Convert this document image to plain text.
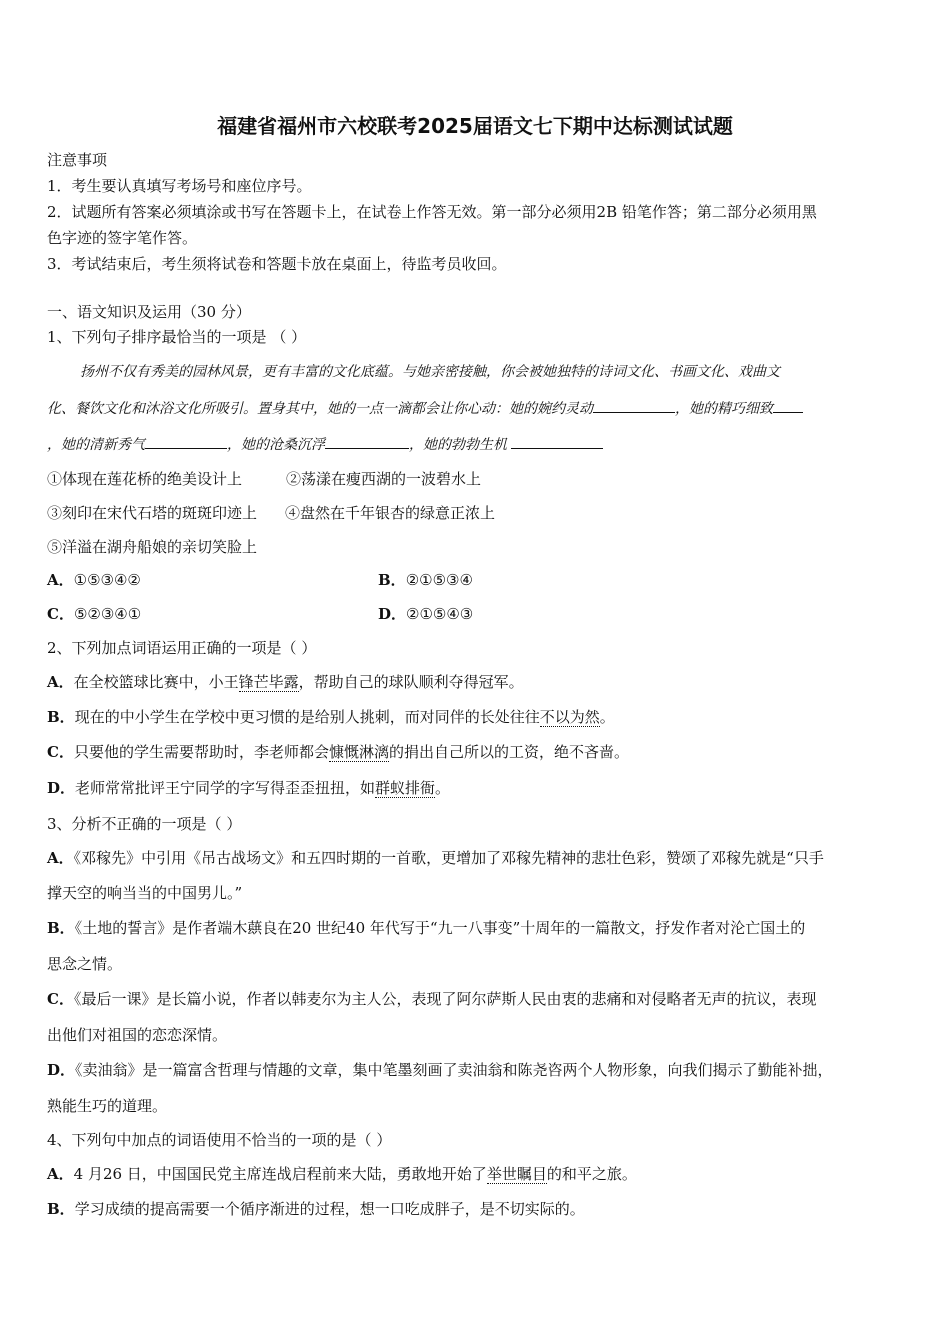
福建省福州市六校联考2025届语文七下期中达标测试试题
注意事项
1．考生要认真填写考场号和座位序号。
2．试题所有答案必须填涂或书写在答题卡上，在试卷上作答无效。第一部分必须用2B 铅笔作答；第二部分必须用黑
色字迹的签字笔作答。
3．考试结束后，考生须将试卷和答题卡放在桌面上，待监考员收回。
一、语文知识及运用（30 分）
1、下列句子排序最恰当的一项是 （ ）
扬州不仅有秀美的园林风景，更有丰富的文化底蕴。与她亲密接触，你会被她独特的诗词文化、书画文化、戏曲文
化、餐饮文化和沐浴文化所吸引。置身其中，她的一点一滴都会让你心动：她的婉约灵动	，她的精巧细致
，她的清新秀气	，她的沧桑沉浮	，她的勃勃生机
①体现在莲花桥的绝美设计上	②荡漾在瘦西湖的一波碧水上
③刻印在宋代石塔的斑斑印迹上 ④盘然在千年银杏的绿意正浓上
⑤洋溢在湖舟船娘的亲切笑脸上
A．①⑤③④②	B．②①⑤③④
C．⑤②③④①	D．②①⑤④③
2、下列加点词语运用正确的一项是（ ）
A．在全校篮球比赛中，小王锋芒毕露，帮助自己的球队顺利夺得冠军。
B．现在的中小学生在学校中更习惯的是给别人挑刺，而对同伴的长处往往不以为然。
C．只要他的学生需要帮助时，李老师都会慷慨淋漓的捐出自己所以的工资，绝不吝啬。
D．老师常常批评王宁同学的字写得歪歪扭扭，如群蚁排衙。
3、分析不正确的一项是（ ）
A．《邓稼先》中引用《吊古战场文》和五四时期的一首歌，更增加了邓稼先精神的悲壮色彩，赞颂了邓稼先就是“只手
撑天空的响当当的中国男儿。”
B．《土地的誓言》是作者端木蕻良在20 世纪40 年代写于“九一八事变”十周年的一篇散文，抒发作者对沦亡国土的
思念之情。
C．《最后一课》是长篇小说，作者以韩麦尔为主人公，表现了阿尔萨斯人民由衷的悲痛和对侵略者无声的抗议，表现
出他们对祖国的恋恋深情。
D．《卖油翁》是一篇富含哲理与情趣的文章，集中笔墨刻画了卖油翁和陈尧咨两个人物形象，向我们揭示了勤能补拙，
熟能生巧的道理。
4、下列句中加点的词语使用不恰当的一项的是（ ）
A．4 月26 日，中国国民党主席连战启程前来大陆，勇敢地开始了举世瞩目的和平之旅。
B．学习成绩的提高需要一个循序渐进的过程，想一口吃成胖子，是不切实际的。
